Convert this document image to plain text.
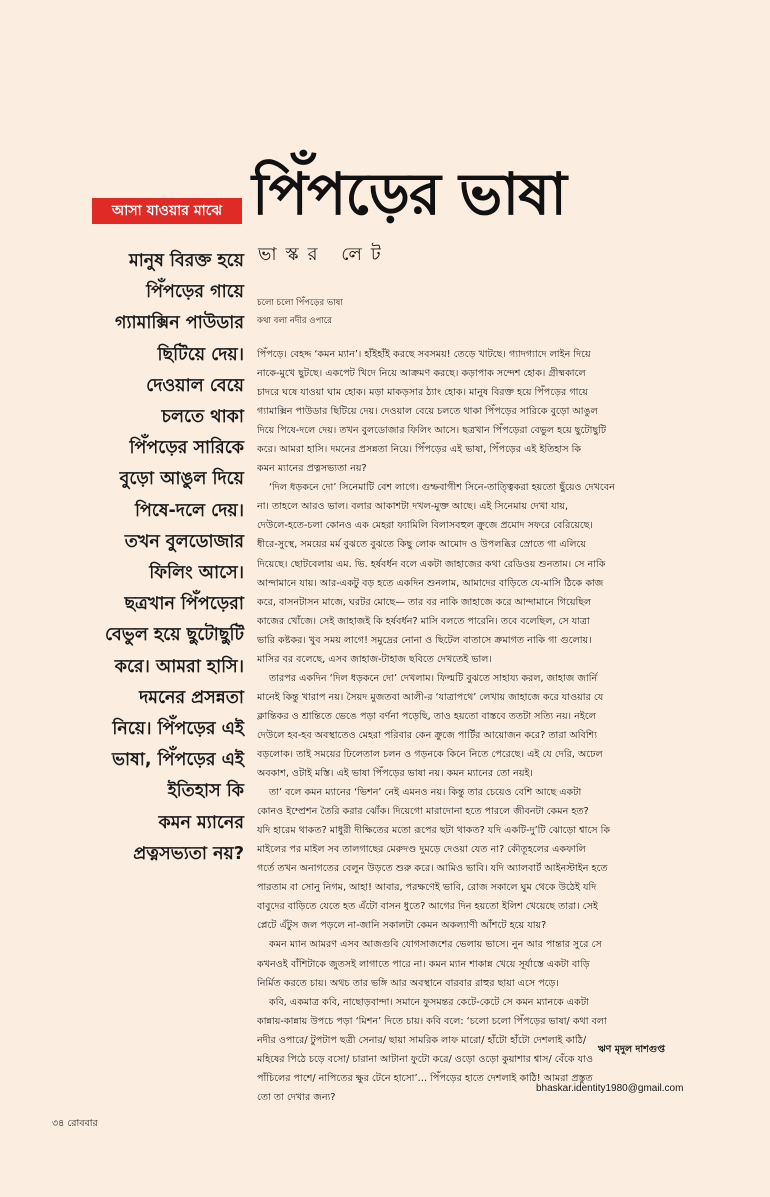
আসা যাওয়ার মাঝে পিঁপড়ের ভাষা
ভাস্কর লেট
মানুষ বিরক্ত হয়ে
পিঁপড়ের গায়ে
গ্যামাক্সিন পাউডার
ছিটিয়ে দেয়।
দেওয়াল বেয়ে
চলতে থাকা
পিঁপড়ের সারিকে
বুড়ো আঙুল দিয়ে
পিষে-দলে দেয়।
তখন বুলডোজার
ফিলিং আসে।
ছত্রখান পিঁপড়েরা
বেভুল হয়ে ছুটোছুটি
করে। আমরা হাসি।
দমনের প্রসন্নতা
নিয়ে। পিঁপড়ের এই
ভাষা, পিঁপড়ের এই
ইতিহাস কি
কমন ম্যানের
প্রত্নসভ্যতা নয়?
চলো চলো পিঁপড়ের ভাষা
কথা বলা নদীর ওপারে
পিঁপড়ে। বেহদ্দ ‘কমন ম্যান’। হাঁইহাঁই করছে সবসময়! তেড়ে খাটছে। গ্যাদগ্যাদে লাইন দিয়ে
নাকে-মুখে ছুটছে। একপেট খিদে নিয়ে আক্রমণ করছে। কড়াপাক সন্দেশ হোক। গ্রীষ্মকালে
চাদরে ঘষে যাওয়া ঘাম হোক। মড়া মাকড়সার ঠ্যাং হোক। মানুষ বিরক্ত হয়ে পিঁপড়ের গায়ে
গ্যামাক্সিন পাউডার ছিটিয়ে দেয়। দেওয়াল বেয়ে চলতে থাকা পিঁপড়ের সারিকে বুড়ো আঙুল
দিয়ে পিষে-দলে দেয়। তখন বুলডোজার ফিলিং আসে। ছত্রখান পিঁপড়েরা বেভুল হয়ে ছুটোছুটি
করে। আমরা হাসি। দমনের প্রসন্নতা নিয়ে। পিঁপড়ের এই ভাষা, পিঁপড়ের এই ইতিহাস কি
কমন ম্যানের প্রত্নসভ্যতা নয়?
‘দিল ধড়কনে দো’ সিনেমাটি বেশ লাগে। গুম্ফবাগীশ সিনে-তাত্ত্বিকরা হয়তো ছুঁয়েও দেখবেন
না। তাহলে আরও ভাল। বলার আকাশটা দখল-মুক্ত আছে। এই সিনেমায় দেখা যায়,
দেউলে-হতে-চলা কোনও এক মেহরা ফ্যামিলি বিলাসবহুল ক্রুজে প্রমোদ সফরে বেরিয়েছে।
ধীরে-সুস্থে, সময়ের মর্ম বুঝতে বুঝতে কিছু লোক আমোদ ও উপলব্ধির স্রোতে গা এলিয়ে
দিয়েছে। ছোটবেলায় এম. ভি. হর্ষবর্ধন বলে একটা জাহাজের কথা রেডিওয় শুনতাম। সে নাকি
আন্দামানে যায়। আর-একটু বড় হতে একদিন শুনলাম, আমাদের বাড়িতে যে-মাসি ঠিকে কাজ
করে, বাসনটাসন মাজে, ঘরটর মোছে— তার বর নাকি জাহাজে করে আন্দামানে গিয়েছিল
কাজের খোঁজে। সেই জাহাজই কি হর্ষবর্ধন? মাসি বলতে পারেনি। তবে বলেছিল, সে যাত্রা
ভারি কষ্টকর। খুব সময় লাগে! সমুদ্রের নোনা ও ছিটেল বাতাসে ক্রমাগত নাকি গা গুলোয়।
মাসির বর বলেছে, এসব জাহাজ-টাহাজ ছবিতে দেখতেই ভাল।
তারপর একদিন ‘দিল ধড়কনে দো’ দেখলাম। ফিল্মটি বুঝতে সাহায্য করল, জাহাজ জার্নি
মানেই কিন্তু খারাপ নয়। সৈয়দ মুজতবা আলী-র ‘যাত্রাপথে’ লেখায় জাহাজে করে যাওয়ার যে
ক্লান্তিকর ও শ্রান্তিতে ভেঙে পড়া বর্ণনা পড়েছি, তাও হয়তো বাস্তবে ততটা সত্যি নয়। নইলে
দেউলে হব-হব অবস্থাতেও মেহরা পরিবার কেন ক্রুজে পার্টির আয়োজন করে? তারা অবিশ্যি
বড়লোক। তাই সময়ের ঢিলেতাল চলন ও গড়নকে কিনে নিতে পেরেছে। এই যে দেরি, অঢেল
অবকাশ, ওটাই মস্তি। এই ভাষা পিঁপড়ের ভাষা নয়। কমন ম্যানের তো নয়ই।
তা’ বলে কমন ম্যানের ‘ভিশন’ নেই এমনও নয়। কিন্তু তার চেয়েও বেশি আছে একটা
কোনও ইম্প্রেশন তৈরি করার ঝোঁক। দিয়েগো মারাদোনা হতে পারলে জীবনটা কেমন হত?
যদি হারেম থাকত? মাধুরী দীক্ষিতের মতো রূপের ছটা থাকত? যদি একটি-দু’টি ঝোড়ো শ্বাসে কি
মাইলের পর মাইল সব তালগাছের মেরুদণ্ড দুমড়ে দেওয়া যেত না? কৌতূহলের একফালি
গর্তে তখন অনাগতের বেলুন উড়তে শুরু করে। আমিও ভাবি। যদি অ্যালবার্ট আইনস্টাইন হতে
পারতাম বা সোনু নিগম, আহা! আবার, পরক্ষণেই ভাবি, রোজ সকালে ঘুম থেকে উঠেই যদি
বাবুদের বাড়িতে যেতে হত এঁটো বাসন ধুতে? আগের দিন হয়তো ইলিশ খেয়েছে তারা। সেই
প্লেটে এঁটুস জল পড়লে না-জানি সকালটা কেমন অকল্যাণী আঁশটে হয়ে যায়?
কমন ম্যান আমরণ এসব আজগুবি যোগসাজশের ভেলায় ভাসে। নুন আর পান্তার সুরে সে
কখনওই বাঁশিটাকে জুতসই লাগাতে পারে না। কমন ম্যান শাকান্ন খেয়ে সূর্যাস্তে একটা বাড়ি
নির্মিত করতে চায়। অথচ তার ভঙ্গি আর অবস্থানে বারবার রাহুর ছায়া এসে পড়ে।
কবি, একমাত্র কবি, নাছোড়বান্দা। সমানে ফুসমন্তর কেটে-কেটে সে কমন ম্যানকে একটা
কান্নায়-কান্নায় উপচে পড়া ‘মিশন’ দিতে চায়। কবি বলে: ‘চলো চলো পিঁপড়ের ভাষা/ কথা বলা
নদীর ওপারে/ টুপটাপ ছত্রী সেনার/ ছায়া সামরিক লাফ মারো/ হাঁটো হাঁটো দেশলাই কাঠি/
মহিষের পিঠে চড়ে বসো/ চারানা আটানা ফুটো করে/ ওড়ো ওড়ো কুয়াশার শ্বাস/ বেঁকে যাও
পাঁচিলের পাশে/ নাপিতের ক্ষুর টেনে হাসো’… পিঁপড়ের হাতে দেশলাই কাঠি! আমরা প্রস্তুত
তো তা দেখার জন্য?
ঋণ মৃদুল দাশগুপ্ত
bhaskar.identity1980@gmail.com
৩৪ রোববার
